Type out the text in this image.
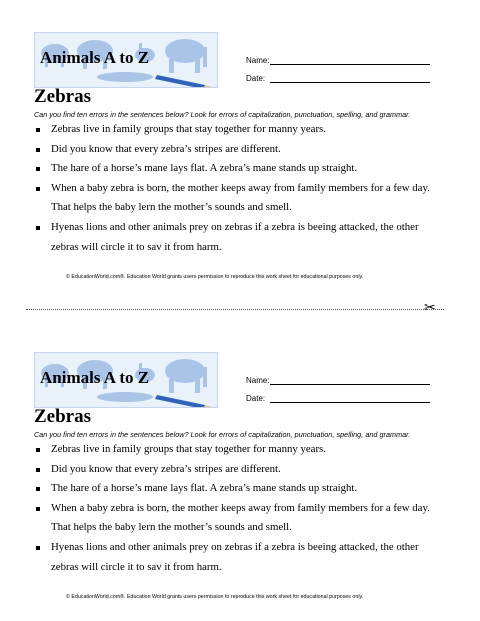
Animals A to Z	Name:
Date:
Zebras
Can you find ten errors in the sentences below? Look for errors of capitalization, punctuation, spelling, and grammar.
Zebras live in family groups that stay together for manny years.
Did you know that every zebra’s stripes are different.
The hare of a horse’s mane lays flat. A zebra’s mane stands up straight.
When a baby zebra is born, the mother keeps away from family members for a few day. That helps the baby lern the mother’s sounds and smell.
Hyenas lions and other animals prey on zebras if a zebra is beeing attacked, the other zebras will circle it to sav it from harm.
© EducationWorld.com®. Education World grants users permission to reproduce this work sheet for educational purposes only.
✂
Animals A to Z	Name:
Date:
Zebras
Can you find ten errors in the sentences below? Look for errors of capitalization, punctuation, spelling, and grammar.
Zebras live in family groups that stay together for manny years.
Did you know that every zebra’s stripes are different.
The hare of a horse’s mane lays flat. A zebra’s mane stands up straight.
When a baby zebra is born, the mother keeps away from family members for a few day. That helps the baby lern the mother’s sounds and smell.
Hyenas lions and other animals prey on zebras if a zebra is beeing attacked, the other zebras will circle it to sav it from harm.
© EducationWorld.com®. Education World grants users permission to reproduce this work sheet for educational purposes only.
